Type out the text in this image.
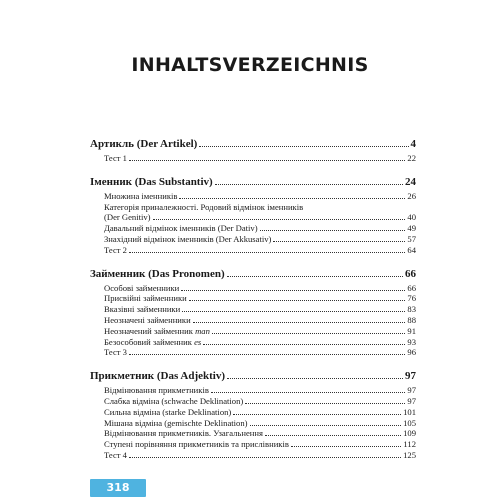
INHALTSVERZEICHNIS
Артикль (Der Artikel)	4
Тест 1	22
Іменник (Das Substantiv)	24
Множина іменників	26
Категорія приналежності. Родовий відмінок іменників
(Der Genitiv)	40
Давальний відмінок іменників (Der Dativ)	49
Знахідний відмінок іменників (Der Akkusativ)	57
Тест 2	64
Займенник (Das Pronomen)	66
Особові займенники	66
Присвійні займенники	76
Вказівні займенники	83
Неозначені займенники	88
Неозначений займенник man	91
Безособовий займенник es	93
Тест 3	96
Прикметник (Das Adjektiv)	97
Відмінювання прикметників	97
Слабка відміна (schwache Deklination)	97
Сильна відміна (starke Deklination)	101
Мішана відміна (gemischte Deklination)	105
Відмінювання прикметників. Узагальнення	109
Ступені порівняння прикметників та прислівників	112
Тест 4	125
318
